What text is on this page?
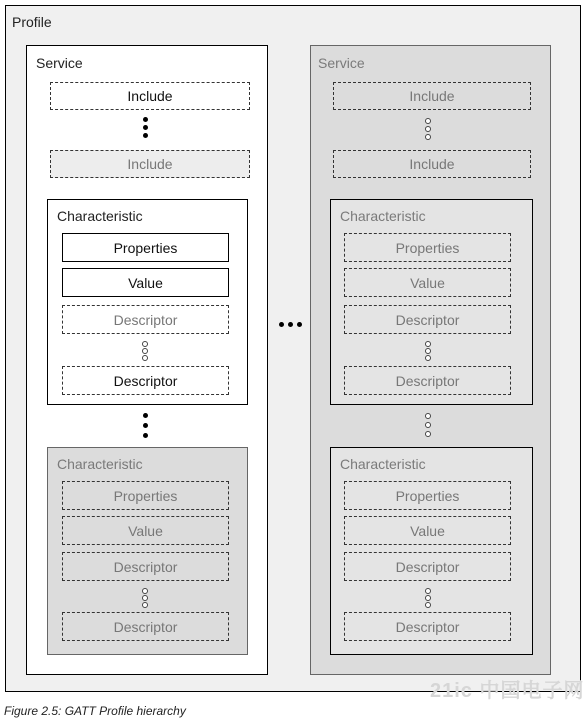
Profile
Service
Include
Include
Characteristic
Properties
Value
Descriptor
Descriptor
Characteristic
Properties
Value
Descriptor
Descriptor
Service
Include
Include
Characteristic
Properties
Value
Descriptor
Descriptor
Characteristic
Properties
Value
Descriptor
Descriptor
Figure 2.5: GATT Profile hierarchy
21ic 中国电子网
